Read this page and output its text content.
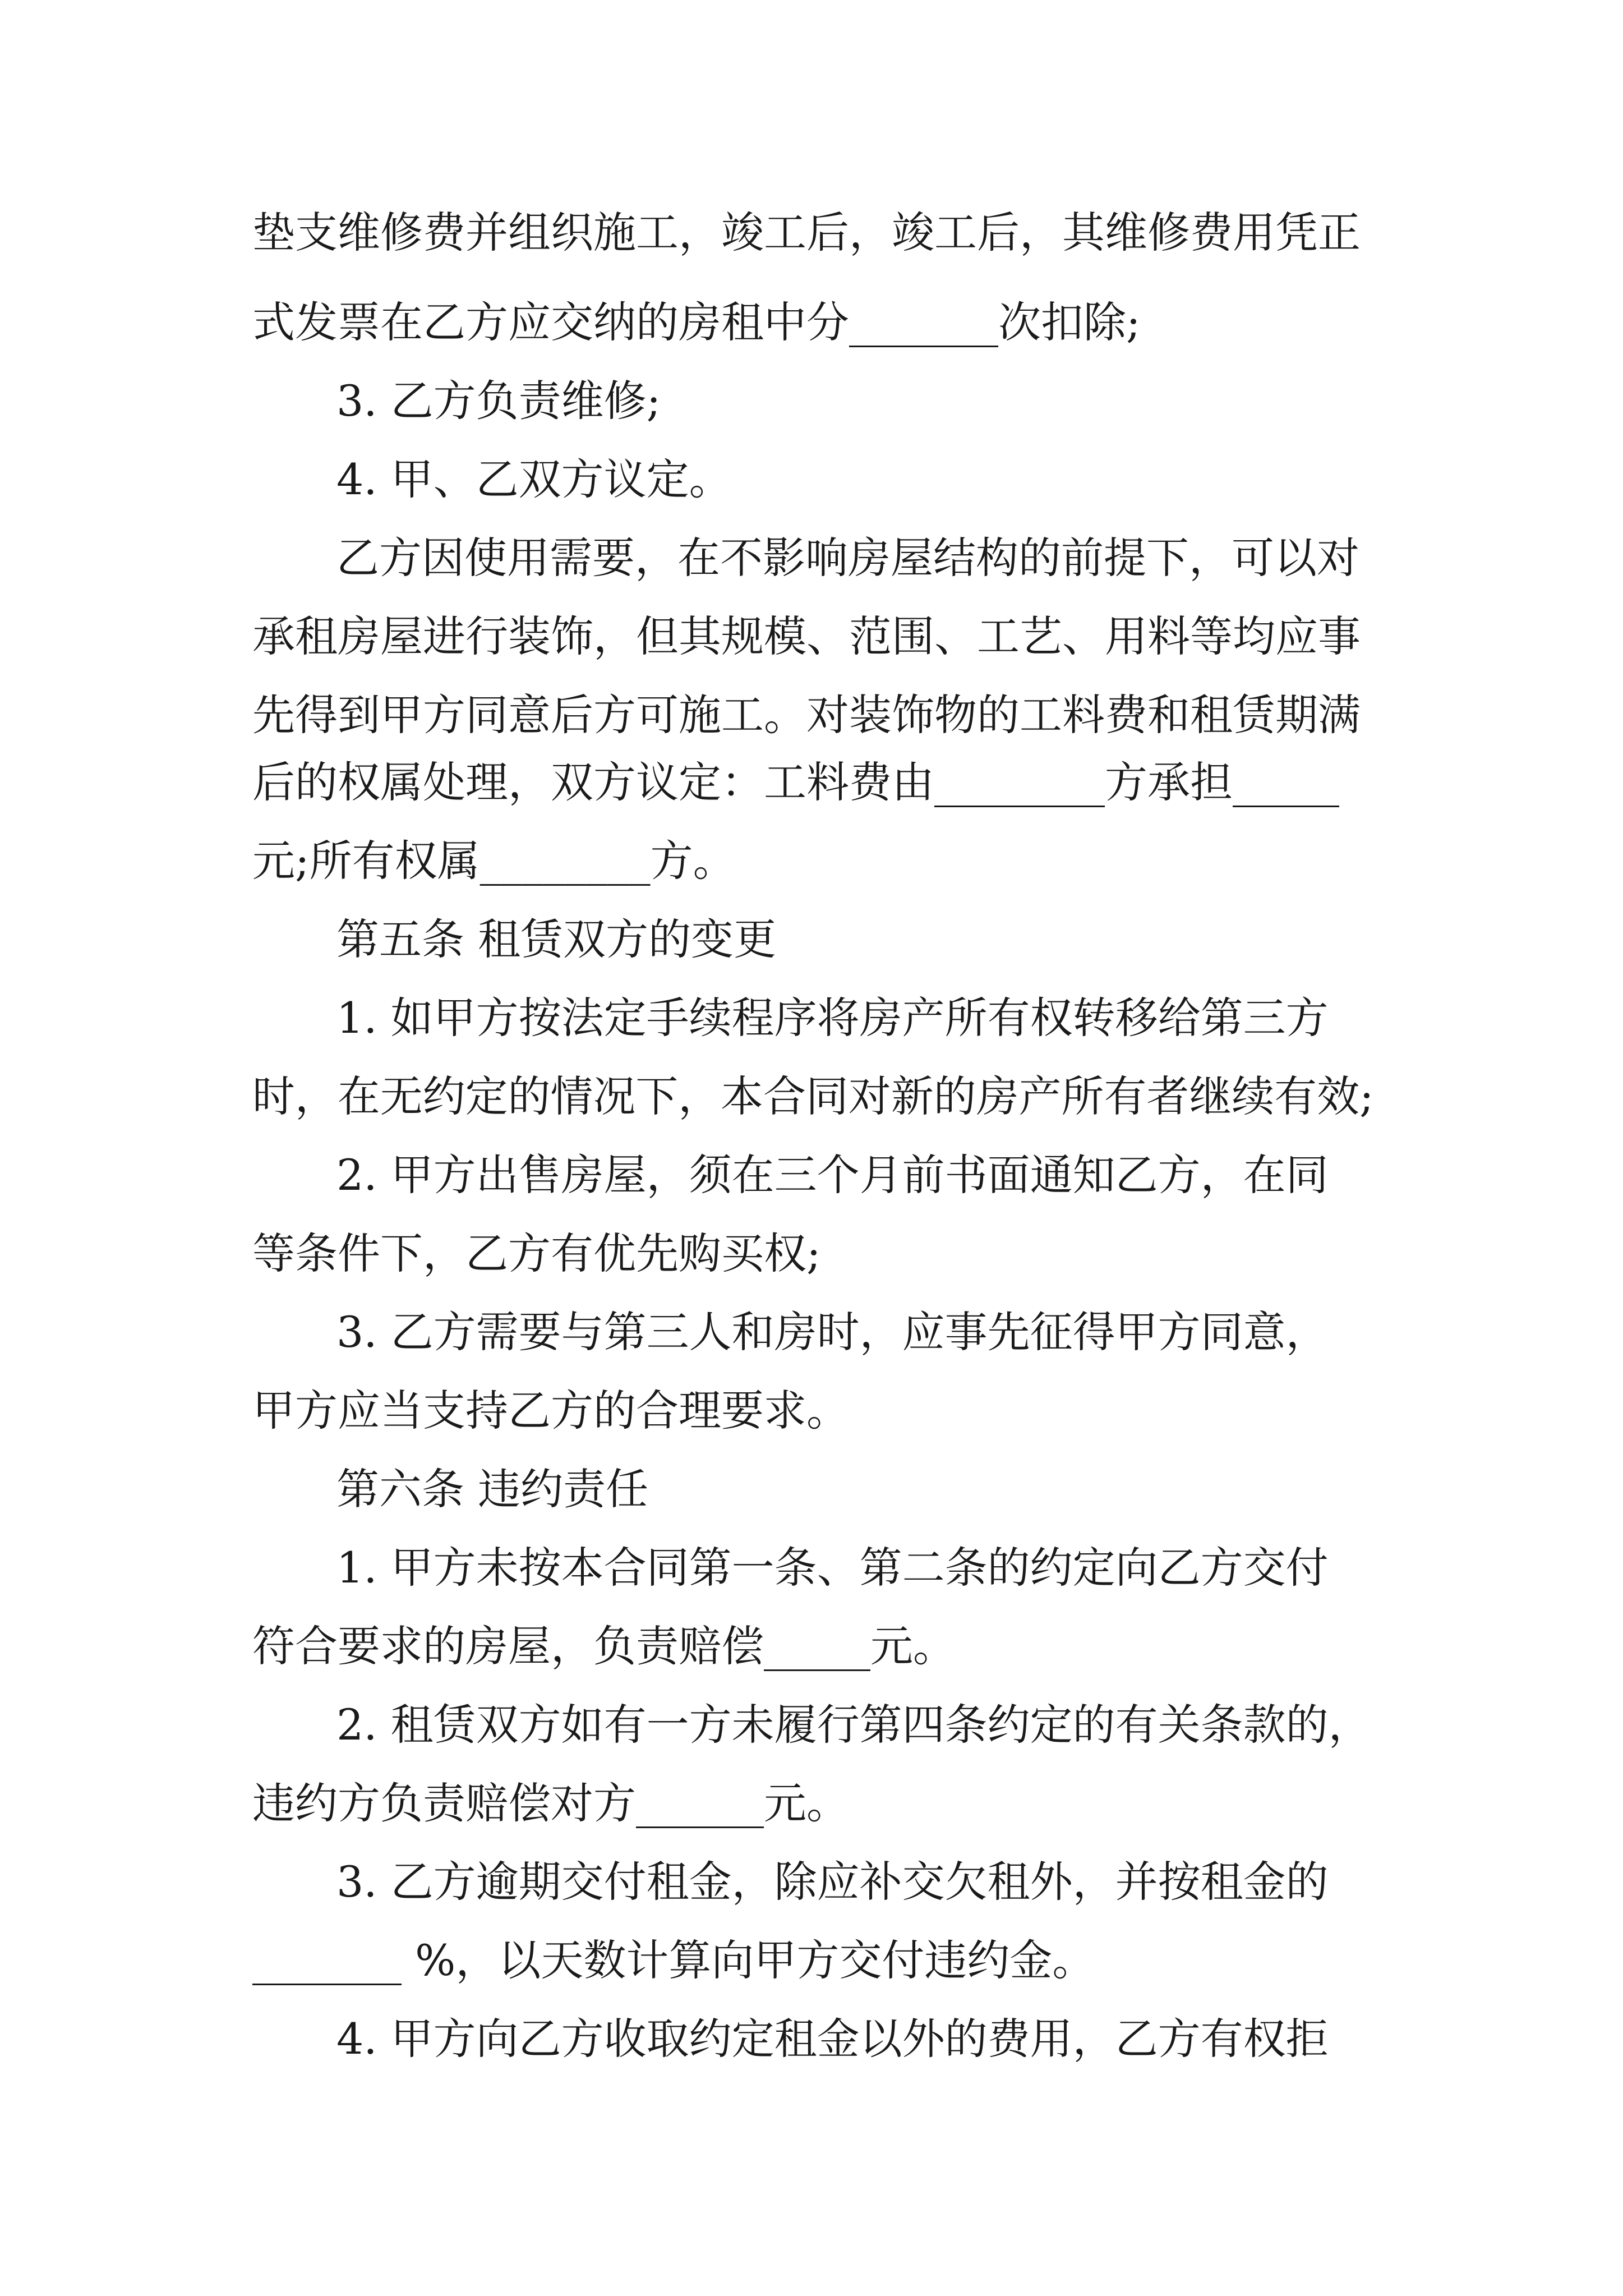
垫支维修费并组织施工，竣工后，竣工后，其维修费用凭正
式发票在乙方应交纳的房租中分_______次扣除;
3. 乙方负责维修;
4. 甲、乙双方议定。
乙方因使用需要，在不影响房屋结构的前提下，可以对
承租房屋进行装饰，但其规模、范围、工艺、用料等均应事
先得到甲方同意后方可施工。对装饰物的工料费和租赁期满
后的权属处理，双方议定：工料费由________方承担_____
元;所有权属________方。
第五条 租赁双方的变更
1. 如甲方按法定手续程序将房产所有权转移给第三方
时，在无约定的情况下，本合同对新的房产所有者继续有效;
2. 甲方出售房屋，须在三个月前书面通知乙方，在同
等条件下，乙方有优先购买权;
3. 乙方需要与第三人和房时，应事先征得甲方同意，
甲方应当支持乙方的合理要求。
第六条 违约责任
1. 甲方未按本合同第一条、第二条的约定向乙方交付
符合要求的房屋，负责赔偿_____元。
2. 租赁双方如有一方未履行第四条约定的有关条款的，
违约方负责赔偿对方______元。
3. 乙方逾期交付租金，除应补交欠租外，并按租金的
_______ %，以天数计算向甲方交付违约金。
4. 甲方向乙方收取约定租金以外的费用，乙方有权拒
